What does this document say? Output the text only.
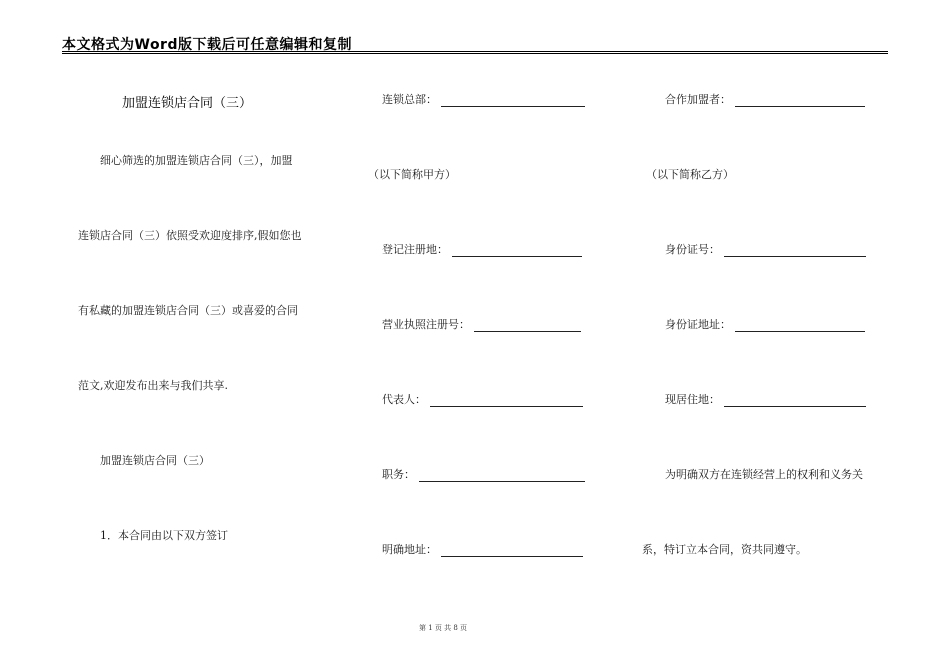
本文格式为Word版下载后可任意编辑和复制
加盟连锁店合同（三）
细心筛选的加盟连锁店合同（三），加盟
连锁店合同（三）依照受欢迎度排序,假如您也
有私藏的加盟连锁店合同（三）或喜爱的合同
范文,欢迎发布出来与我们共享.
加盟连锁店合同（三）
1．本合同由以下双方签订
连锁总部：
（以下简称甲方）
登记注册地：
营业执照注册号：
代表人：
职务：
明确地址：
合作加盟者：
（以下简称乙方）
身份证号：
身份证地址：
现居住地：
为明确双方在连锁经营上的权利和义务关
系，特订立本合同，资共同遵守。
第 1 页 共 8 页
